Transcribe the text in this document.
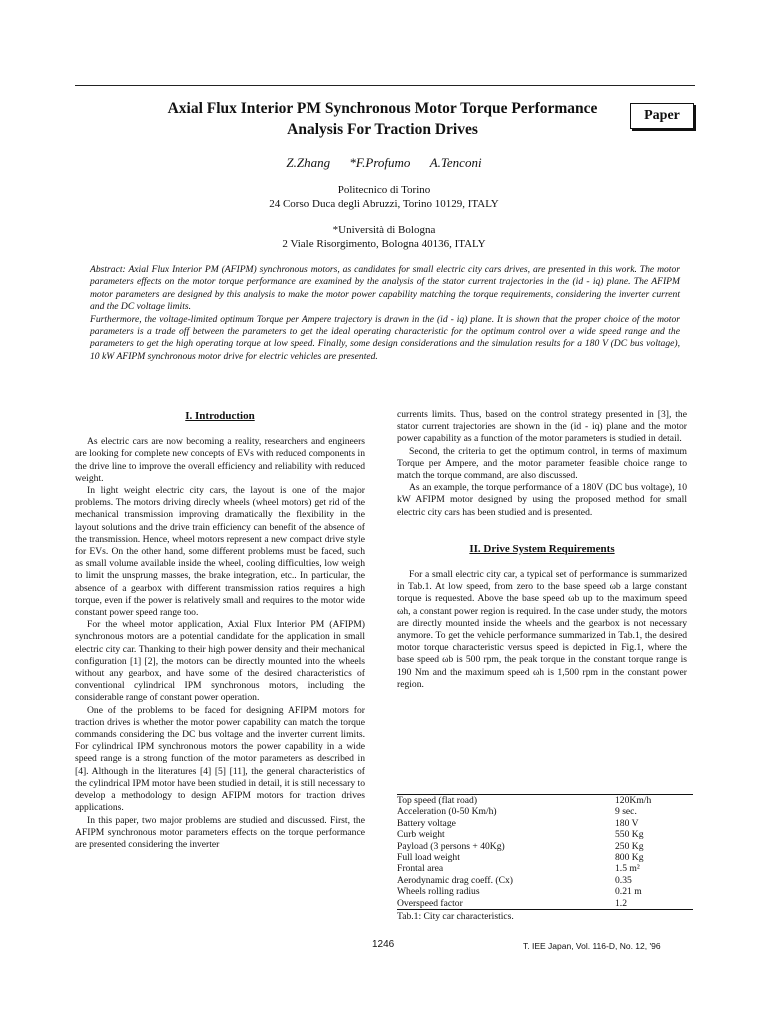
Axial Flux Interior PM Synchronous Motor Torque Performance Analysis For Traction Drives
Paper
Z.Zhang *F.Profumo A.Tenconi
Politecnico di Torino
24 Corso Duca degli Abruzzi, Torino 10129, ITALY
*Università di Bologna
2 Viale Risorgimento, Bologna 40136, ITALY

Abstract: Axial Flux Interior PM (AFIPM) synchronous motors, as candidates for small electric city cars drives, are presented in this work. The motor parameters effects on the motor torque performance are examined by the analysis of the stator current trajectories in the (id - iq) plane. The AFIPM motor parameters are designed by this analysis to make the motor power capability matching the torque requirements, considering the inverter current and the DC voltage limits.

Furthermore, the voltage-limited optimum Torque per Ampere trajectory is drawn in the (id - iq) plane. It is shown that the proper choice of the motor parameters is a trade off between the parameters to get the ideal operating characteristic for the optimum control over a wide speed range and the parameters to get the high operating torque at low speed. Finally, some design considerations and the simulation results for a 180 V (DC bus voltage), 10 kW AFIPM synchronous motor drive for electric vehicles are presented.

I. Introduction

As electric cars are now becoming a reality, researchers and engineers are looking for complete new concepts of EVs with reduced components in the drive line to improve the overall efficiency and reliability with reduced weight.

In light weight electric city cars, the layout is one of the major problems. The motors driving direcly wheels (wheel motors) get rid of the mechanical transmission improving dramatically the flexibility in the layout solutions and the drive train efficiency can benefit of the absence of the transmission. Hence, wheel motors represent a new compact drive style for EVs. On the other hand, some different problems must be faced, such as small volume available inside the wheel, cooling difficulties, low weigh to limit the unsprung masses, the brake integration, etc.. In particular, the absence of a gearbox with different transmission ratios requires a high torque, even if the power is relatively small and requires to the motor wide constant power speed range too.

For the wheel motor application, Axial Flux Interior PM (AFIPM) synchronous motors are a potential candidate for the application in small electric city car. Thanking to their high power density and their mechanical configuration [1] [2], the motors can be directly mounted into the wheels without any gearbox, and have some of the desired characteristics of conventional cylindrical IPM synchronous motors, including the considerable range of constant power operation.

One of the problems to be faced for designing AFIPM motors for traction drives is whether the motor power capability can match the torque commands considering the DC bus voltage and the inverter current limits. For cylindrical IPM synchronous motors the power capability in a wide speed range is a strong function of the motor parameters as described in [4]. Although in the literatures [4] [5] [11], the general characteristics of the cylindrical IPM motor have been studied in detail, it is still necessary to develop a methodology to design AFIPM motors for traction drives applications.

In this paper, two major problems are studied and discussed. First, the AFIPM synchronous motor parameters effects on the torque performance are presented considering the inverter

currents limits. Thus, based on the control strategy presented in [3], the stator current trajectories are shown in the (id - iq) plane and the motor power capability as a function of the motor parameters is studied in detail.

Second, the criteria to get the optimum control, in terms of maximum Torque per Ampere, and the motor parameter feasible choice range to match the torque command, are also discussed.

As an example, the torque performance of a 180V (DC bus voltage), 10 kW AFIPM motor designed by using the proposed method for small electric city cars has been studied and is presented.

II. Drive System Requirements

For a small electric city car, a typical set of performance is summarized in Tab.1. At low speed, from zero to the base speed ωb a large constant torque is requested. Above the base speed ωb up to the maximum speed ωh, a constant power region is required. In the case under study, the motors are directly mounted inside the wheels and the gearbox is not necessary anymore. To get the vehicle performance summarized in Tab.1, the desired motor torque characteristic versus speed is depicted in Fig.1, where the base speed ωb is 500 rpm, the peak torque in the constant torque range is 190 Nm and the maximum speed ωh is 1,500 rpm in the constant power region.

Top speed (flat road)	120Km/h
Acceleration (0-50 Km/h)	9 sec.
Battery voltage	180 V
Curb weight	550 Kg
Payload (3 persons + 40Kg)	250 Kg
Full load weight	800 Kg
Frontal area	1.5 m²
Aerodynamic drag coeff. (Cx)	0.35
Wheels rolling radius	0.21 m
Overspeed factor	1.2
Tab.1: City car characteristics.
1246	T. IEE Japan, Vol. 116-D, No. 12, '96
